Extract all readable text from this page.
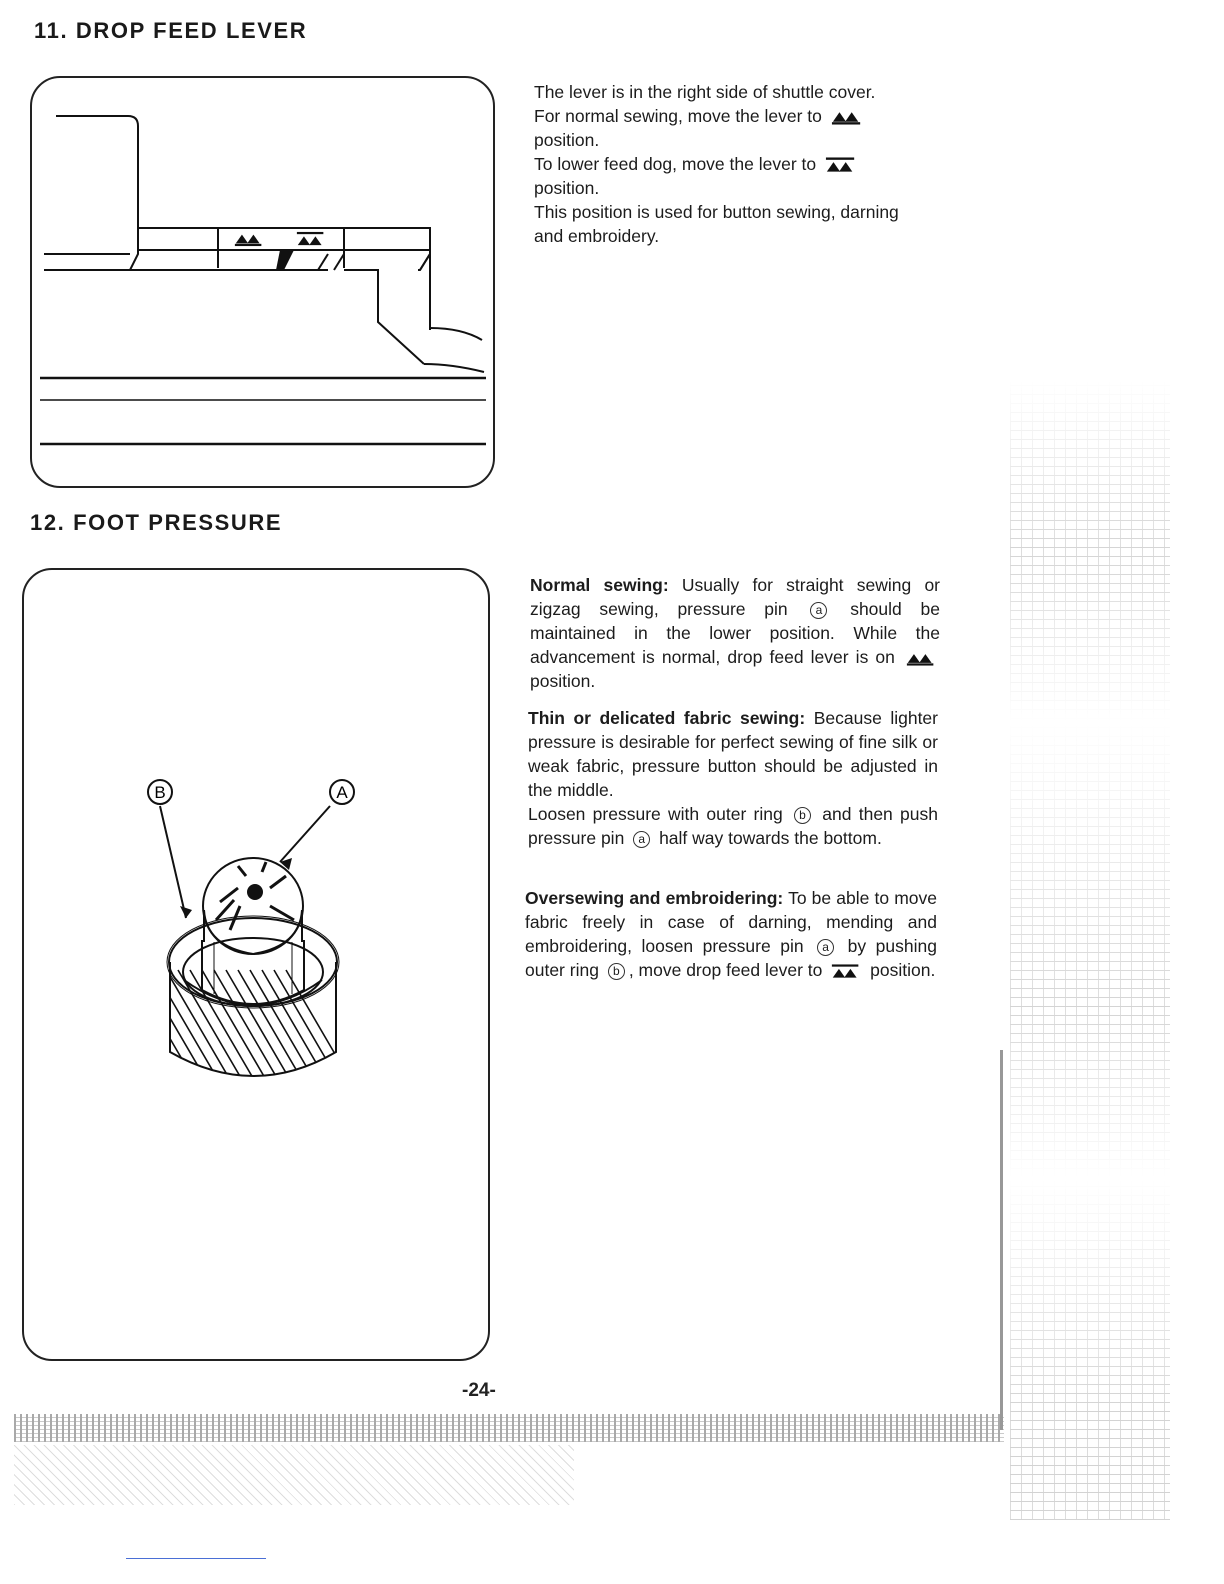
11. DROP FEED LEVER

The lever is in the right side of shuttle cover.

For normal sewing, move the lever to

position.

To lower feed dog, move the lever to

position.

This position is used for button sewing, darning

and embroidery.

12. FOOT PRESSURE
B	A

Normal sewing: Usually for straight sewing or zigzag sewing, pressure pin a should be maintained in the lower position. While the advancement is normal, drop feed lever is on  position.

Thin or delicated fabric sewing: Because lighter pressure is desirable for perfect sewing of fine silk or weak fabric, pressure button should be adjusted in the middle.

Loosen pressure with outer ring b and then push pressure pin a half way towards the bottom.

Oversewing and embroidering: To be able to move fabric freely in case of darning, mending and embroidering, loosen pressure pin a by pushing outer ring b , move drop feed lever to	position.

-24-
